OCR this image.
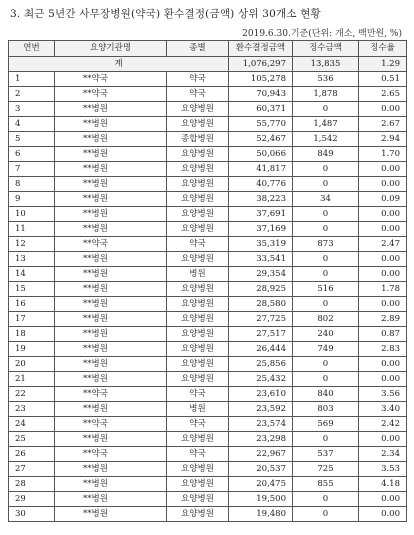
3. 최근 5년간 사무장병원(약국) 환수결정(금액) 상위 30개소 현황
2019.6.30.기준(단위: 개소, 백만원, %)
연번	요양기관명	종별	환수결정금액	징수금액	징수율
계			1,076,297	13,835	1.29
1	**약국	약국	105,278	536	0.51
2	**약국	약국	70,943	1,878	2.65
3	**병원	요양병원	60,371	0	0.00
4	**병원	요양병원	55,770	1,487	2.67
5	**병원	종합병원	52,467	1,542	2.94
6	**병원	요양병원	50,066	849	1.70
7	**병원	요양병원	41,817	0	0.00
8	**병원	요양병원	40,776	0	0.00
9	**병원	요양병원	38,223	34	0.09
10	**병원	요양병원	37,691	0	0.00
11	**병원	요양병원	37,169	0	0.00
12	**약국	약국	35,319	873	2.47
13	**병원	요양병원	33,541	0	0.00
14	**병원	병원	29,354	0	0.00
15	**병원	요양병원	28,925	516	1.78
16	**병원	요양병원	28,580	0	0.00
17	**병원	요양병원	27,725	802	2.89
18	**병원	요양병원	27,517	240	0.87
19	**병원	요양병원	26,444	749	2.83
20	**병원	요양병원	25,856	0	0.00
21	**병원	요양병원	25,432	0	0.00
22	**약국	약국	23,610	840	3.56
23	**병원	병원	23,592	803	3.40
24	**약국	약국	23,574	569	2.42
25	**병원	요양병원	23,298	0	0.00
26	**약국	약국	22,967	537	2.34
27	**병원	요양병원	20,537	725	3.53
28	**병원	요양병원	20,475	855	4.18
29	**병원	요양병원	19,500	0	0.00
30	**병원	요양병원	19,480	0	0.00
